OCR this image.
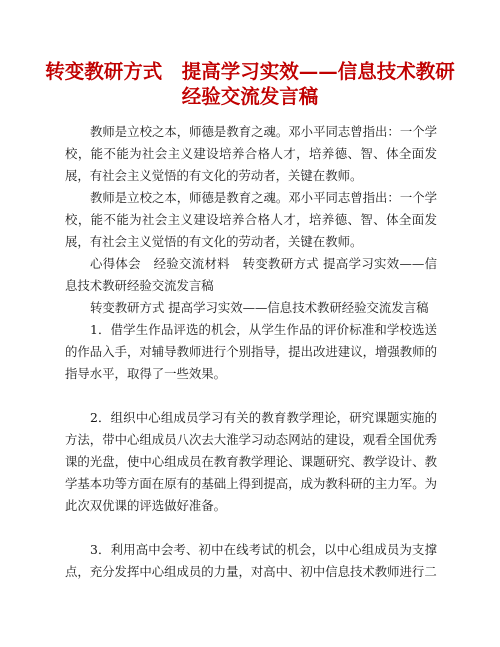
转变教研方式　提高学习实效——信息技术教研
经验交流发言稿
教师是立校之本，师德是教育之魂。邓小平同志曾指出：一个学校，能不能为社会主义建设培养合格人才，培养德、智、体全面发展，有社会主义觉悟的有文化的劳动者，关键在教师。
教师是立校之本，师德是教育之魂。邓小平同志曾指出：一个学校，能不能为社会主义建设培养合格人才，培养德、智、体全面发展，有社会主义觉悟的有文化的劳动者，关键在教师。
心得体会　经验交流材料　转变教研方式 提高学习实效——信息技术教研经验交流发言稿
转变教研方式 提高学习实效——信息技术教研经验交流发言稿
1．借学生作品评选的机会，从学生作品的评价标准和学校选送的作品入手，对辅导教师进行个别指导，提出改进建议，增强教师的指导水平，取得了一些效果。
2．组织中心组成员学习有关的教育教学理论，研究课题实施的方法，带中心组成员八次去大淮学习动态网站的建设，观看全国优秀课的光盘，使中心组成员在教育教学理论、课题研究、教学设计、教学基本功等方面在原有的基础上得到提高，成为教科研的主力军。为此次双优课的评选做好准备。
3．利用高中会考、初中在线考试的机会，以中心组成员为支撑点，充分发挥中心组成员的力量，对高中、初中信息技术教师进行二
